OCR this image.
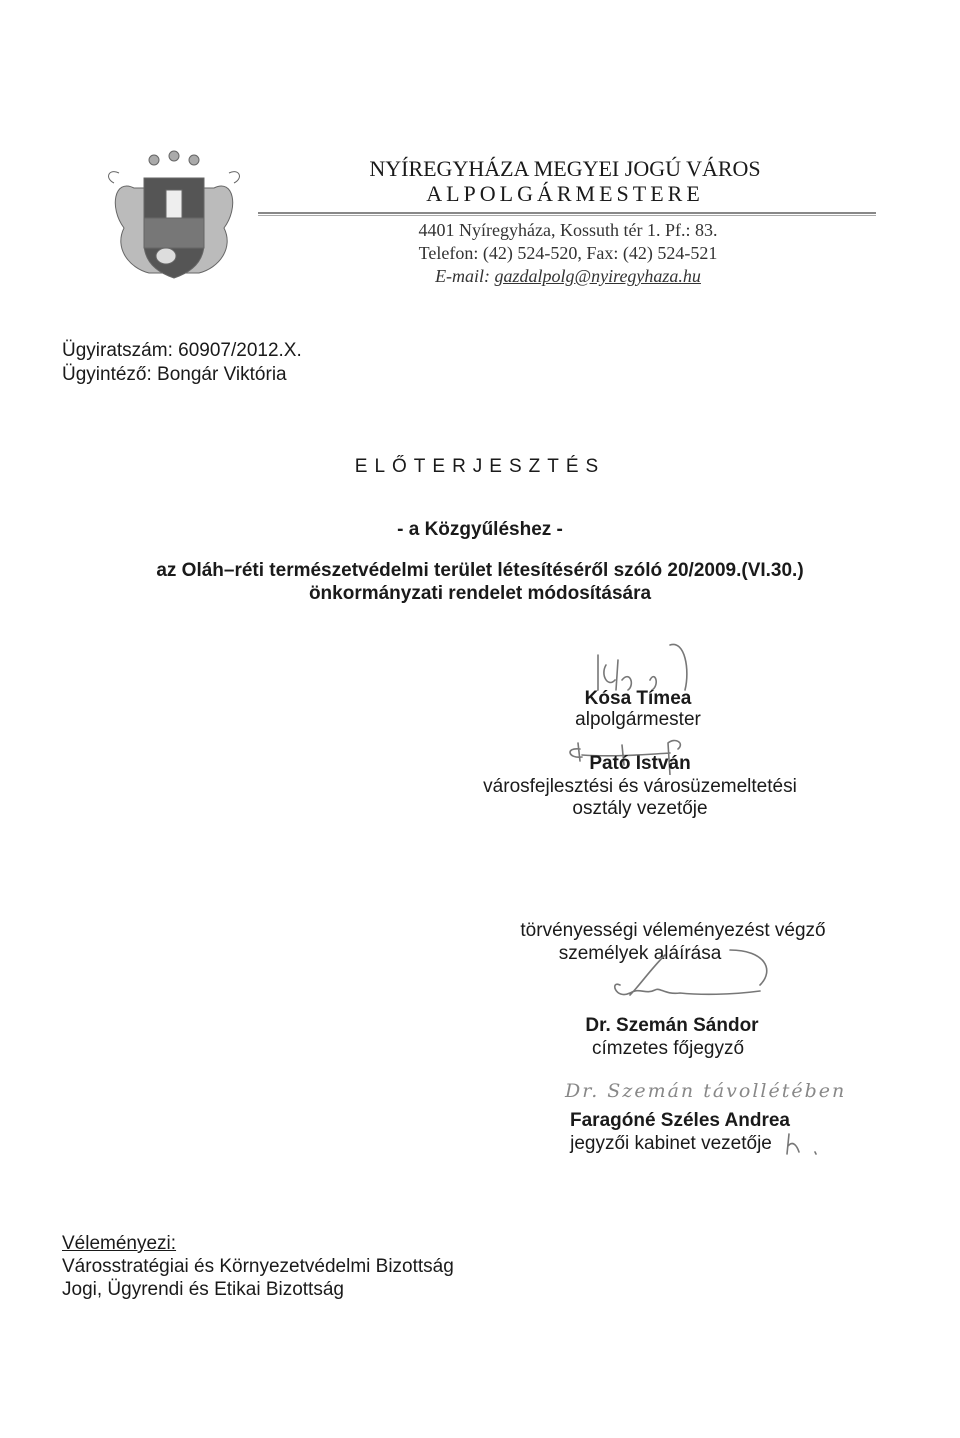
NYÍREGYHÁZA MEGYEI JOGÚ VÁROS
ALPOLGÁRMESTERE
4401 Nyíregyháza, Kossuth tér 1. Pf.: 83.
Telefon: (42) 524-520, Fax: (42) 524-521
E-mail: gazdalpolg@nyiregyhaza.hu
Ügyiratszám: 60907/2012.X.
Ügyintéző: Bongár Viktória
ELŐTERJESZTÉS
- a Közgyűléshez -
az Oláh–réti természetvédelmi terület létesítéséről szóló 20/2009.(VI.30.)
önkormányzati rendelet módosítására
Kósa Tímea
alpolgármester
Pató István
városfejlesztési és városüzemeltetési
osztály vezetője
törvényességi véleményezést végző
személyek aláírása
Dr. Szemán Sándor
címzetes főjegyző
Dr. Szemán távollétében
Faragóné Széles Andrea
jegyzői kabinet vezetője
Véleményezi:
Városstratégiai és Környezetvédelmi Bizottság
Jogi, Ügyrendi és Etikai Bizottság
